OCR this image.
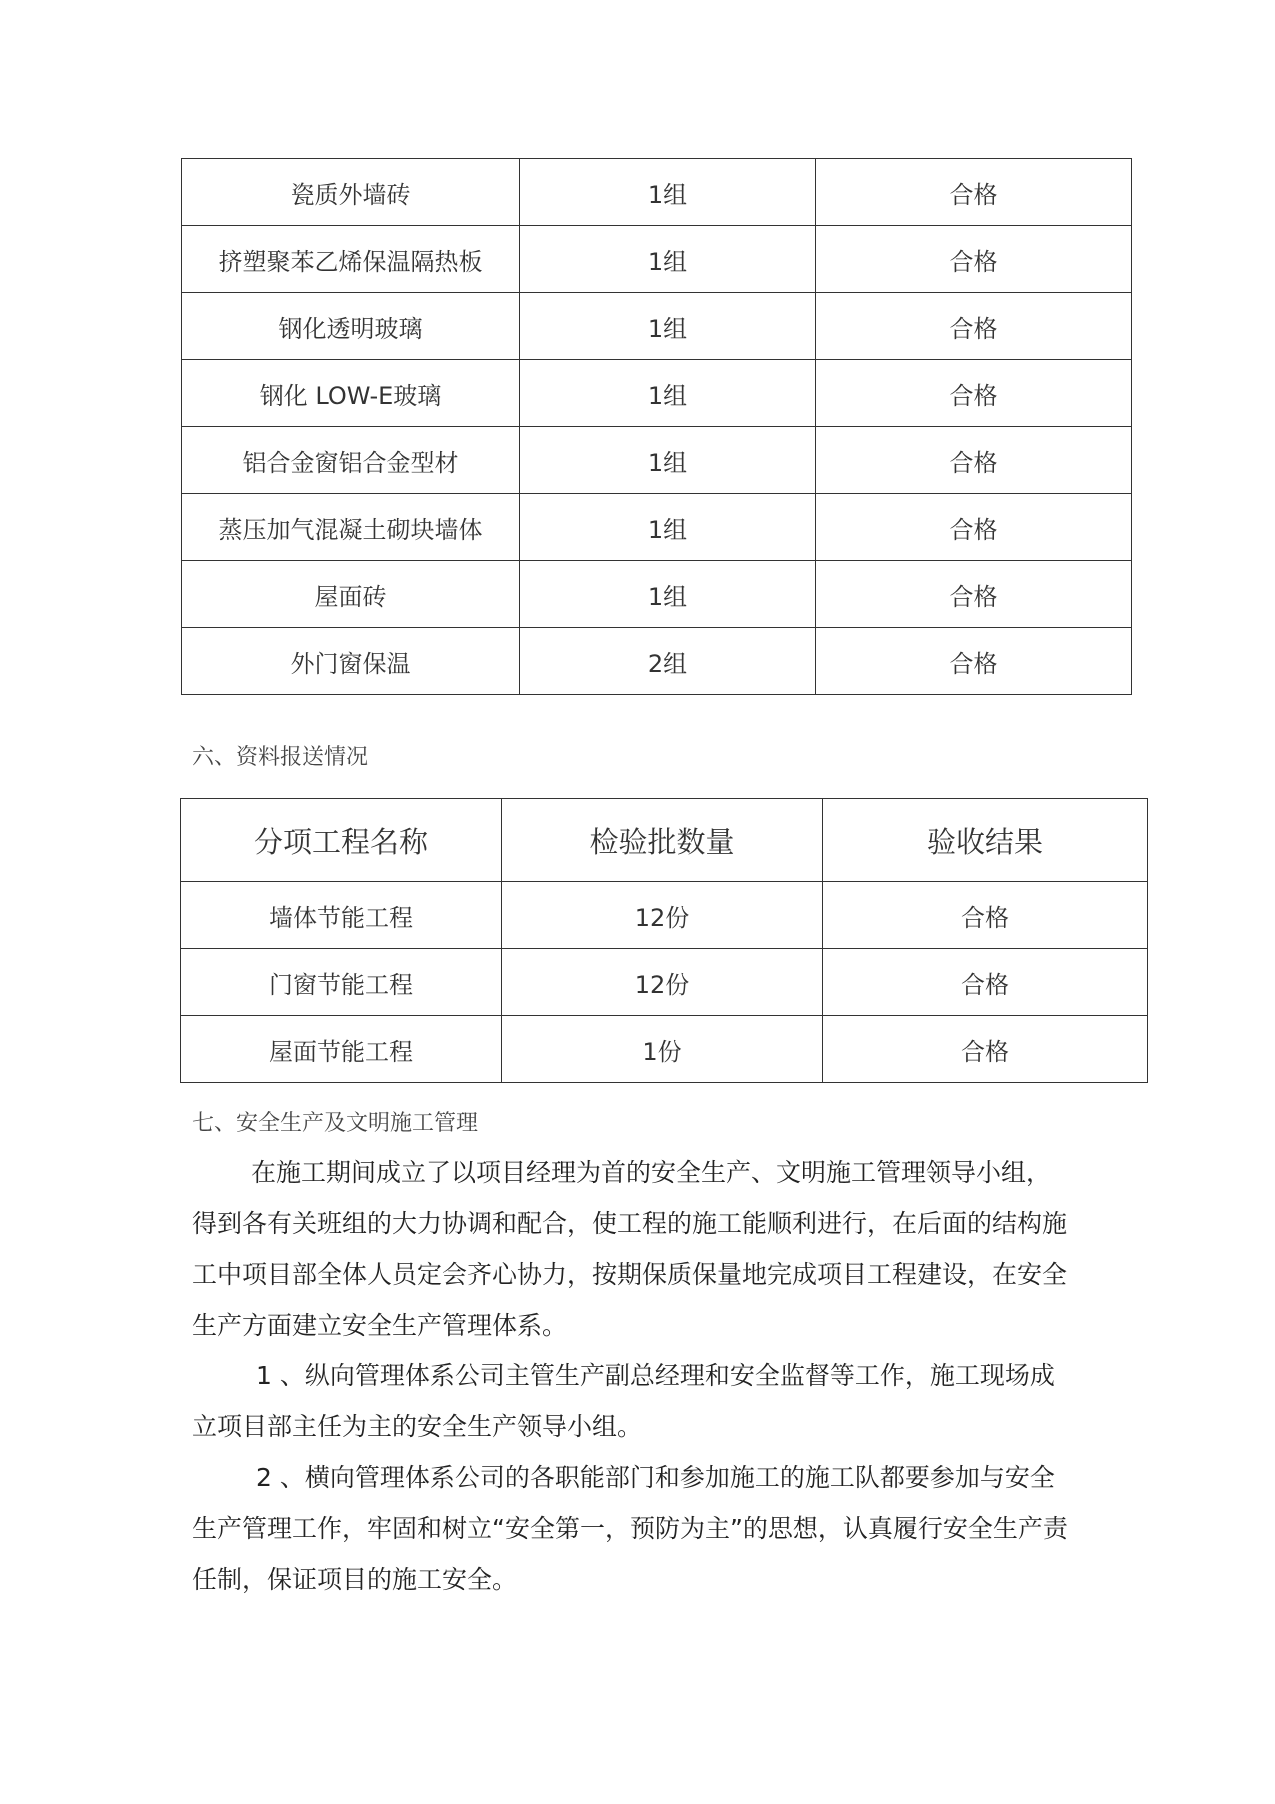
瓷质外墙砖	1组	合格
挤塑聚苯乙烯保温隔热板	1组	合格
钢化透明玻璃	1组	合格
钢化 LOW-E玻璃	1组	合格
铝合金窗铝合金型材	1组	合格
蒸压加气混凝土砌块墙体	1组	合格
屋面砖	1组	合格
外门窗保温	2组	合格
六、资料报送情况
分项工程名称	检验批数量	验收结果
墙体节能工程	12份	合格
门窗节能工程	12份	合格
屋面节能工程	1份	合格
七、安全生产及文明施工管理

在施工期间成立了以项目经理为首的安全生产、文明施工管理领导小组，得到各有关班组的大力协调和配合，使工程的施工能顺利进行，在后面的结构施工中项目部全体人员定会齐心协力，按期保质保量地完成项目工程建设，在安全生产方面建立安全生产管理体系。

1 、纵向管理体系公司主管生产副总经理和安全监督等工作，施工现场成立项目部主任为主的安全生产领导小组。

2 、横向管理体系公司的各职能部门和参加施工的施工队都要参加与安全生产管理工作，牢固和树立“安全第一，预防为主”的思想，认真履行安全生产责任制，保证项目的施工安全。
